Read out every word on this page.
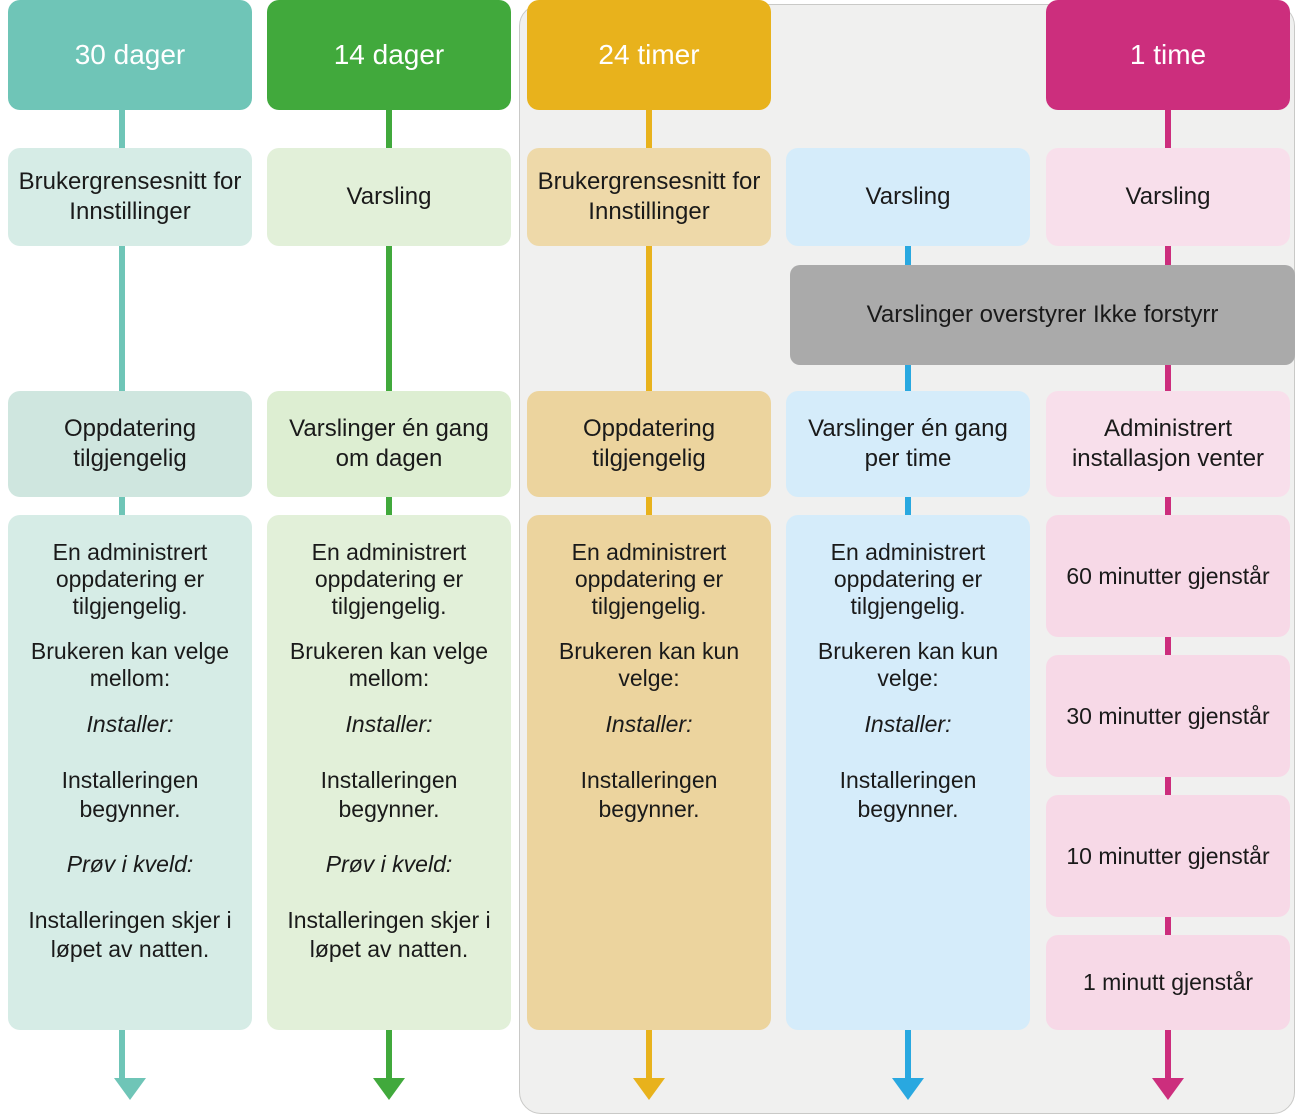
30 dager
Brukergrensesnitt for Innstillinger
Oppdatering tilgjengelig

En administrert oppdatering er tilgjengelig.

Brukeren kan velge mellom:

Installer:

Installeringen begynner.

Prøv i kveld:

Installeringen skjer i løpet av natten.

14 dager
Varsling
Varslinger én gang om dagen

En administrert oppdatering er tilgjengelig.

Brukeren kan velge mellom:

Installer:

Installeringen begynner.

Prøv i kveld:

Installeringen skjer i løpet av natten.

24 timer
Brukergrensesnitt for Innstillinger
Oppdatering tilgjengelig

En administrert oppdatering er tilgjengelig.

Brukeren kan kun velge:

Installer:

Installeringen begynner.

Varsling
Varslinger én gang per time

En administrert oppdatering er tilgjengelig.

Brukeren kan kun velge:

Installer:

Installeringen begynner.

1 time
Varsling
Administrert installasjon venter
60 minutter gjenstår
30 minutter gjenstår
10 minutter gjenstår
1 minutt gjenstår
Varslinger overstyrer Ikke forstyrr
